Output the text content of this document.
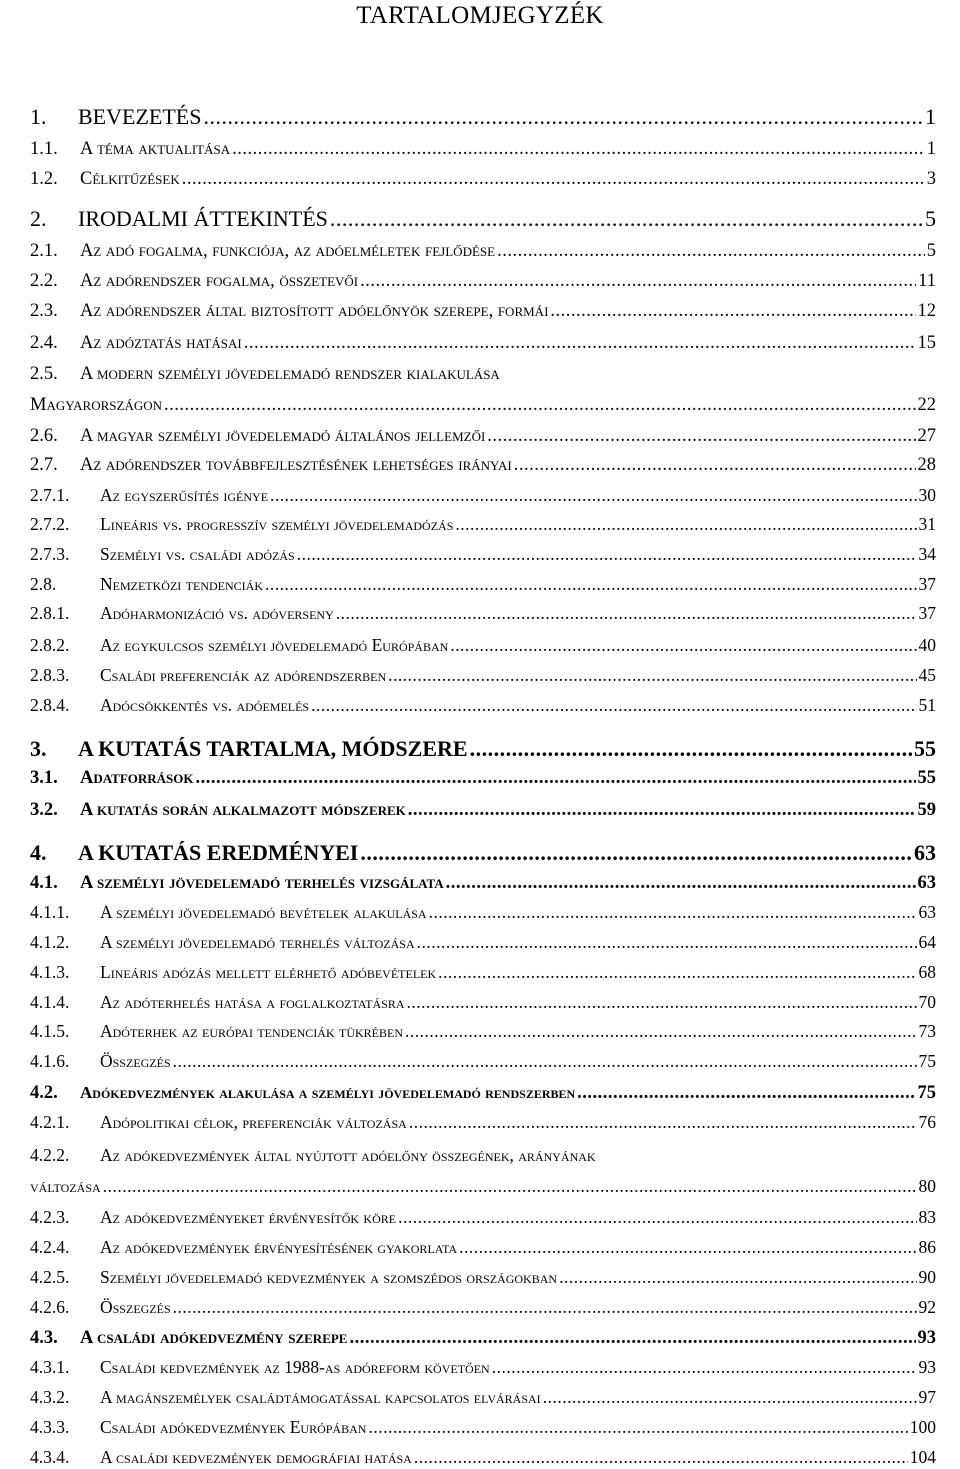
TARTALOMJEGYZÉK
1.	BEVEZETÉS .....	1
1.1.	A téma aktualitása .....	1
1.2.	Célkitűzések .....	3
2.	IRODALMI ÁTTEKINTÉS .....	5
2.1.	Az adó fogalma, funkciója, az adóelméletek fejlődése .....	5
2.2.	Az adórendszer fogalma, összetevői .....	11
2.3.	Az adórendszer által biztosított adóelőnyök szerepe, formái .....	12
2.4.	Az adóztatás hatásai .....	15
2.5.	A modern személyi jövedelemadó rendszer kialakulása
Magyarországon .....	22
2.6.	A magyar személyi jövedelemadó általános jellemzői .....	27
2.7.	Az adórendszer továbbfejlesztésének lehetséges irányai .....	28
2.7.1.	Az egyszerűsítés igénye .....	30
2.7.2.	Lineáris vs. progresszív személyi jövedelemadózás .....	31
2.7.3.	Személyi vs. családi adózás .....	34
2.8.	Nemzetközi tendenciák .....	37
2.8.1.	Adóharmonizáció vs. adóverseny .....	37
2.8.2.	Az egykulcsos személyi jövedelemadó Európában .....	40
2.8.3.	Családi preferenciák az adórendszerben .....	45
2.8.4.	Adócsökkentés vs. adóemelés .....	51
3.	A KUTATÁS TARTALMA, MÓDSZERE .....	55
3.1.	Adatforrások .....	55
3.2.	A kutatás során alkalmazott módszerek .....	59
4.	A KUTATÁS EREDMÉNYEI .....	63
4.1.	A személyi jövedelemadó terhelés vizsgálata .....	63
4.1.1.	A személyi jövedelemadó bevételek alakulása .....	63
4.1.2.	A személyi jövedelemadó terhelés változása .....	64
4.1.3.	Lineáris adózás mellett elérhető adóbevételek .....	68
4.1.4.	Az adóterhelés hatása a foglalkoztatásra .....	70
4.1.5.	Adóterhek az európai tendenciák tükrében .....	73
4.1.6.	Összegzés .....	75
4.2.	Adókedvezmények alakulása a személyi jövedelemadó rendszerben .....	75
4.2.1.	Adópolitikai célok, preferenciák változása .....	76
4.2.2.	Az adókedvezmények által nyújtott adóelőny összegének, arányának
változása .....	80
4.2.3.	Az adókedvezményeket érvényesítők köre .....	83
4.2.4.	Az adókedvezmények érvényesítésének gyakorlata .....	86
4.2.5.	Személyi jövedelemadó kedvezmények a szomszédos országokban .....	90
4.2.6.	Összegzés .....	92
4.3.	A családi adókedvezmény szerepe .....	93
4.3.1.	Családi kedvezmények az 1988-as adóreform követően .....	93
4.3.2.	A magánszemélyek családtámogatással kapcsolatos elvárásai .....	97
4.3.3.	Családi adókedvezmények Európában .....	100
4.3.4.	A családi kedvezmények demográfiai hatása .....	104
